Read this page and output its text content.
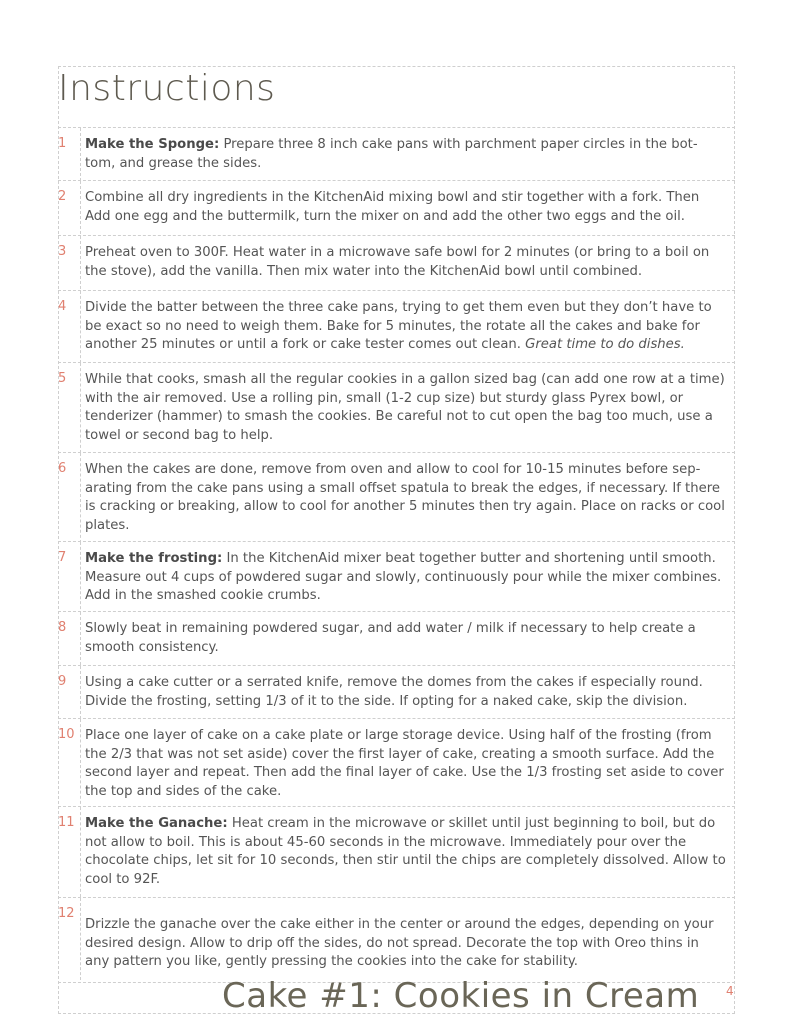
Instructions
1	Make the Sponge: Prepare three 8 inch cake pans with parchment paper circles in the bot-tom, and grease the sides.
2	Combine all dry ingredients in the KitchenAid mixing bowl and stir together with a fork. Then Add one egg and the buttermilk, turn the mixer on and add the other two eggs and the oil.
3	Preheat oven to 300F. Heat water in a microwave safe bowl for 2 minutes (or bring to a boil on the stove), add the vanilla. Then mix water into the KitchenAid bowl until combined.
4	Divide the batter between the three cake pans, trying to get them even but they don’t have to be exact so no need to weigh them. Bake for 5 minutes, the rotate all the cakes and bake for another 25 minutes or until a fork or cake tester comes out clean. Great time to do dishes.
5	While that cooks, smash all the regular cookies in a gallon sized bag (can add one row at a time) with the air removed. Use a rolling pin, small (1-2 cup size) but sturdy glass Pyrex bowl, or tenderizer (hammer) to smash the cookies. Be careful not to cut open the bag too much, use a towel or second bag to help.
6	When the cakes are done, remove from oven and allow to cool for 10-15 minutes before sep-arating from the cake pans using a small offset spatula to break the edges, if necessary. If there is cracking or breaking, allow to cool for another 5 minutes then try again. Place on racks or cool plates.
7	Make the frosting: In the KitchenAid mixer beat together butter and shortening until smooth. Measure out 4 cups of powdered sugar and slowly, continuously pour while the mixer combines. Add in the smashed cookie crumbs.
8	Slowly beat in remaining powdered sugar, and add water / milk if necessary to help create a smooth consistency.
9	Using a cake cutter or a serrated knife, remove the domes from the cakes if especially round. Divide the frosting, setting 1/3 of it to the side. If opting for a naked cake, skip the division.
10 Place one layer of cake on a cake plate or large storage device. Using half of the frosting (from the 2/3 that was not set aside) cover the first layer of cake, creating a smooth surface. Add the second layer and repeat. Then add the final layer of cake. Use the 1/3 frosting set aside to cover the top and sides of the cake.
11 Make the Ganache: Heat cream in the microwave or skillet until just beginning to boil, but do not allow to boil. This is about 45-60 seconds in the microwave. Immediately pour over the chocolate chips, let sit for 10 seconds, then stir until the chips are completely dissolved. Allow to cool to 92F.
12
Drizzle the ganache over the cake either in the center or around the edges, depending on your desired design. Allow to drip off the sides, do not spread. Decorate the top with Oreo thins in any pattern you like, gently pressing the cookies into the cake for stability.
Cake #1: Cookies in Cream 4
